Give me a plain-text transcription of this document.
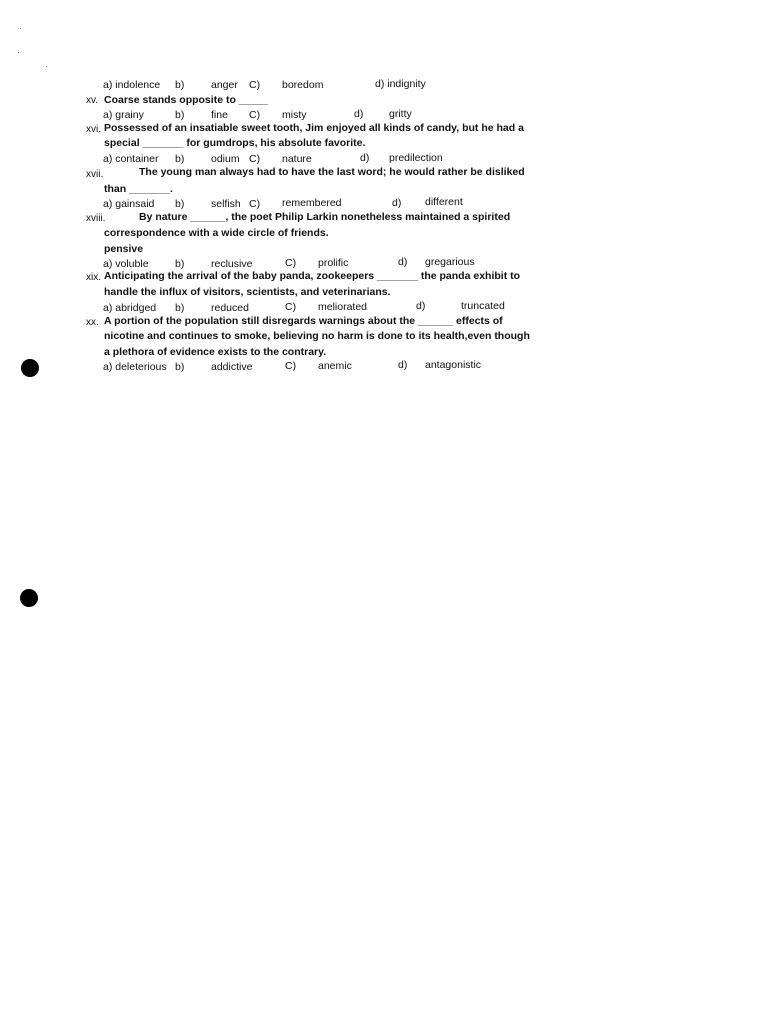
a) indolence b)	anger C) boredom	d) indignity
xv. Coarse stands opposite to _____
a) grainy	b)	fine C) misty	d) gritty
xvi. Possessed of an insatiable sweet tooth, Jim enjoyed all kinds of candy, but he had a
special _______ for gumdrops, his absolute favorite.
a) container b)	odium C) nature	d) predilection
xvii.	The young man always had to have the last word; he would rather be disliked
than _______.
a) gainsaid b)	selfish C) remembered	d) different
xviii.	By nature ______, the poet Philip Larkin nonetheless maintained a spirited
correspondence with a wide circle of friends.
pensive
a) voluble	b)	reclusive	C) prolific	d) gregarious
xix. Anticipating the arrival of the baby panda, zookeepers _______ the panda exhibit to
handle the influx of visitors, scientists, and veterinarians.
a) abridged b)	reduced	C) meliorated	d)	truncated
xx. A portion of the population still disregards warnings about the ______ effects of
nicotine and continues to smoke, believing no harm is done to its health,even though
a plethora of evidence exists to the contrary.
a) deleterious b)	addictive	C) anemic	d) antagonistic
